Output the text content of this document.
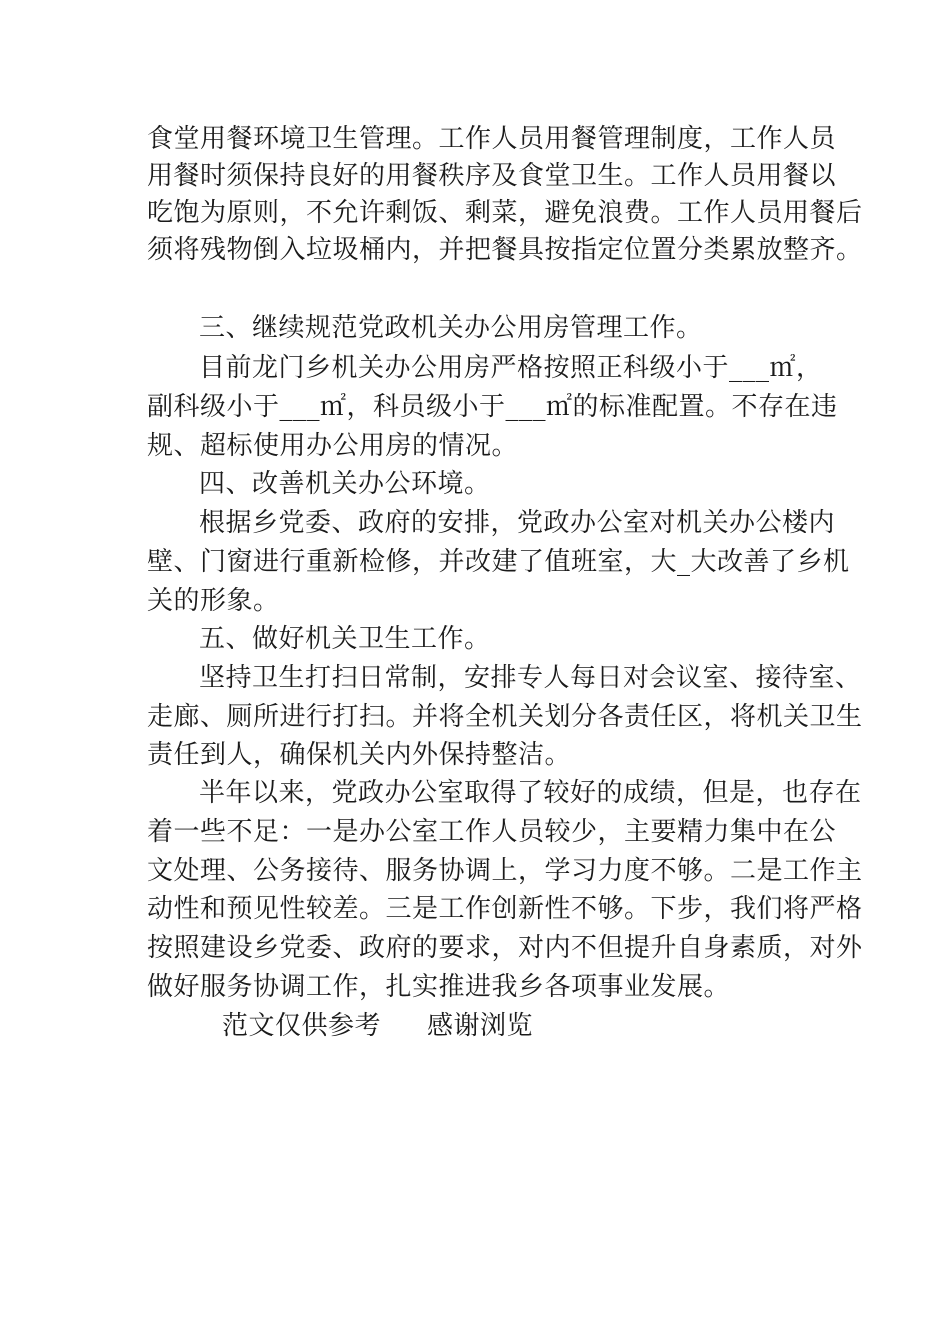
食堂用餐环境卫生管理。工作人员用餐管理制度，工作人员
用餐时须保持良好的用餐秩序及食堂卫生。工作人员用餐以
吃饱为原则，不允许剩饭、剩菜，避免浪费。工作人员用餐后
须将残物倒入垃圾桶内，并把餐具按指定位置分类累放整齐。
三、继续规范党政机关办公用房管理工作。
目前龙门乡机关办公用房严格按照正科级小于___㎡，
副科级小于___㎡，科员级小于___㎡的标准配置。不存在违
规、超标使用办公用房的情况。
四、改善机关办公环境。
根据乡党委、政府的安排，党政办公室对机关办公楼内
壁、门窗进行重新检修，并改建了值班室，大_大改善了乡机
关的形象。
五、做好机关卫生工作。
坚持卫生打扫日常制，安排专人每日对会议室、接待室、
走廊、厕所进行打扫。并将全机关划分各责任区，将机关卫生
责任到人，确保机关内外保持整洁。
半年以来，党政办公室取得了较好的成绩，但是，也存在
着一些不足：一是办公室工作人员较少，主要精力集中在公
文处理、公务接待、服务协调上，学习力度不够。二是工作主
动性和预见性较差。三是工作创新性不够。下步，我们将严格
按照建设乡党委、政府的要求，对内不但提升自身素质，对外
做好服务协调工作，扎实推进我乡各项事业发展。
范文仅供参考 感谢浏览
